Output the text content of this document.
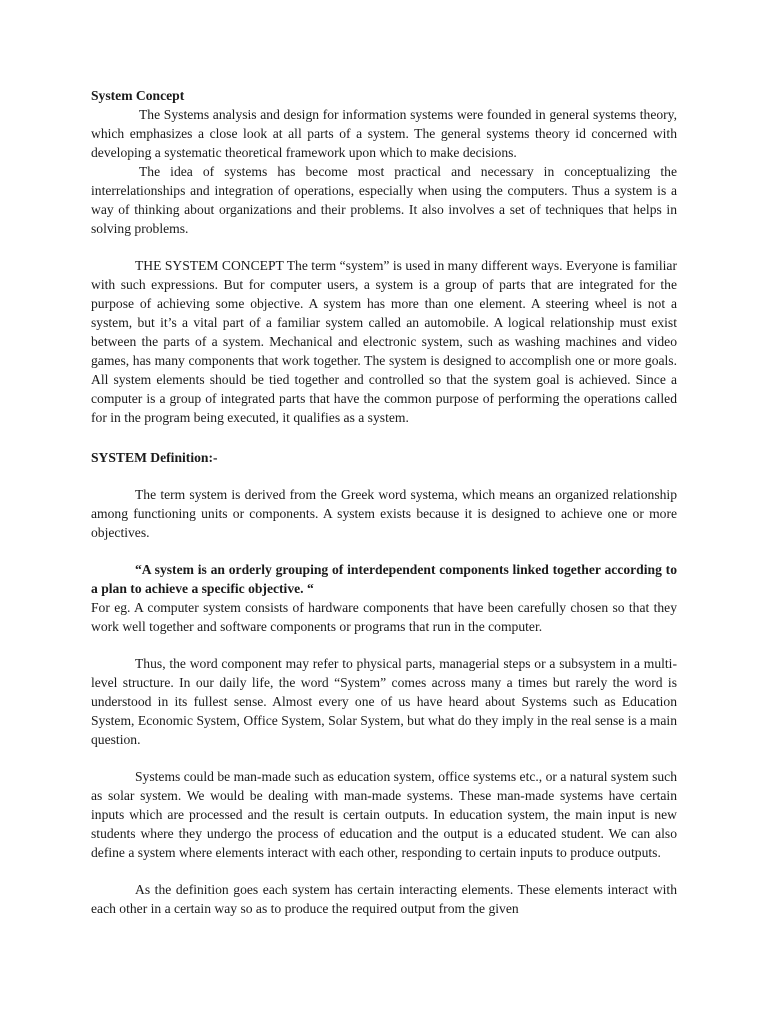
System Concept

The Systems analysis and design for information systems were founded in general systems theory, which emphasizes a close look at all parts of a system. The general systems theory id concerned with developing a systematic theoretical framework upon which to make decisions.

The idea of systems has become most practical and necessary in conceptualizing the interrelationships and integration of operations, especially when using the computers. Thus a system is a way of thinking about organizations and their problems. It also involves a set of techniques that helps in solving problems.

THE SYSTEM CONCEPT The term “system” is used in many different ways. Everyone is familiar with such expressions. But for computer users, a system is a group of parts that are integrated for the purpose of achieving some objective. A system has more than one element. A steering wheel is not a system, but it’s a vital part of a familiar system called an automobile. A logical relationship must exist between the parts of a system. Mechanical and electronic system, such as washing machines and video games, has many components that work together. The system is designed to accomplish one or more goals. All system elements should be tied together and controlled so that the system goal is achieved. Since a computer is a group of integrated parts that have the common purpose of performing the operations called for in the program being executed, it qualifies as a system.

SYSTEM Definition:-

The term system is derived from the Greek word systema, which means an organized relationship among functioning units or components. A system exists because it is designed to achieve one or more objectives.

“A system is an orderly grouping of interdependent components linked together according to a plan to achieve a specific objective. “

For eg. A computer system consists of hardware components that have been carefully chosen so that they work well together and software components or programs that run in the computer.

Thus, the word component may refer to physical parts, managerial steps or a subsystem in a multi-level structure. In our daily life, the word “System” comes across many a times but rarely the word is understood in its fullest sense. Almost every one of us have heard about Systems such as Education System, Economic System, Office System, Solar System, but what do they imply in the real sense is a main question.

Systems could be man-made such as education system, office systems etc., or a natural system such as solar system. We would be dealing with man-made systems. These man-made systems have certain inputs which are processed and the result is certain outputs. In education system, the main input is new students where they undergo the process of education and the output is a educated student. We can also define a system where elements interact with each other, responding to certain inputs to produce outputs.

As the definition goes each system has certain interacting elements. These elements interact with each other in a certain way so as to produce the required output from the given
